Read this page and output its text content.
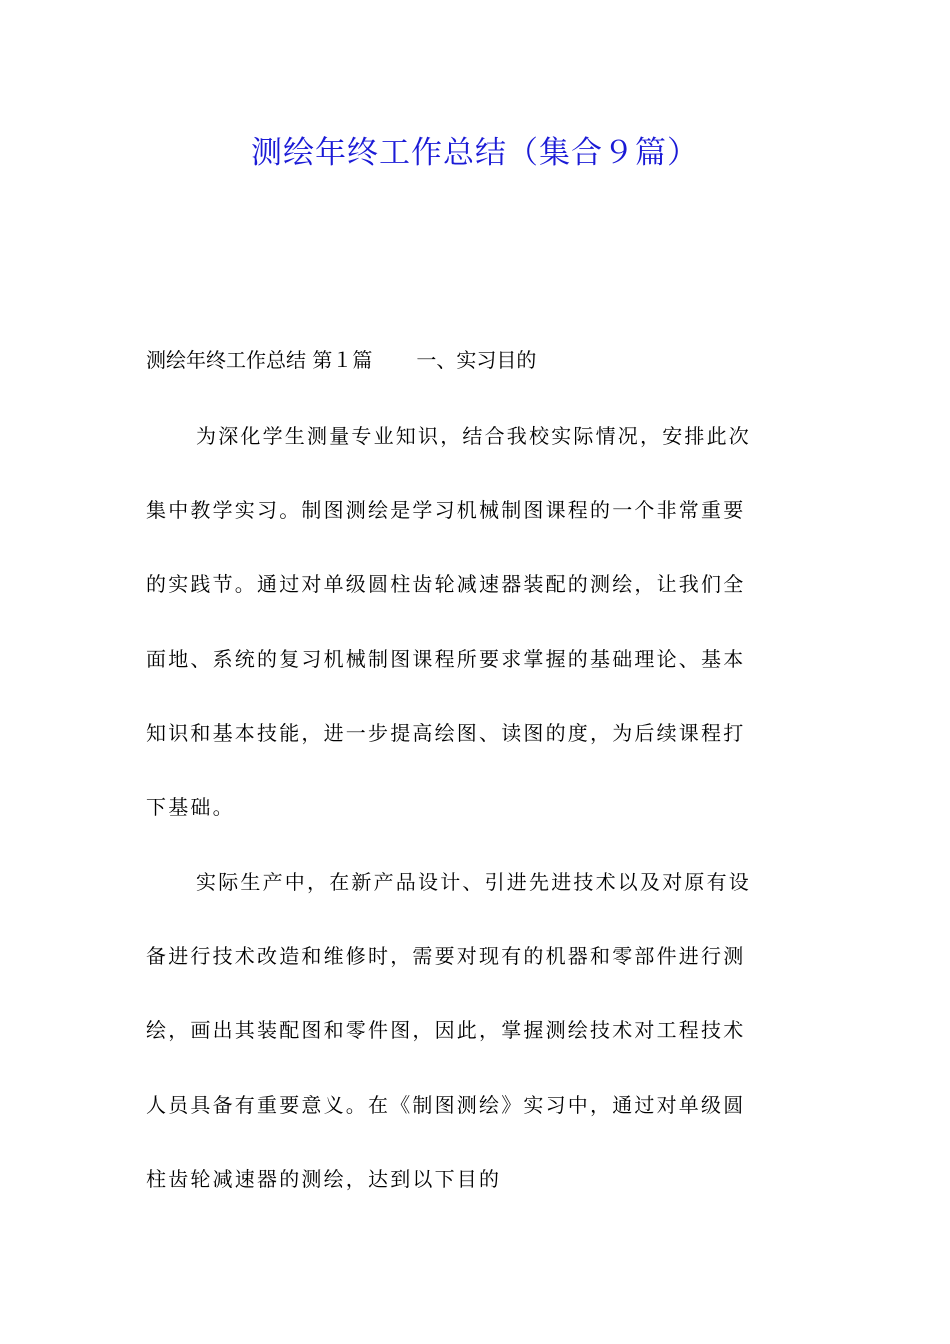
测绘年终工作总结（集合９篇）
测绘年终工作总结 第１篇 一、实习目的
为深化学生测量专业知识，结合我校实际情况，安排此次
集中教学实习。制图测绘是学习机械制图课程的一个非常重要
的实践节。通过对单级圆柱齿轮减速器装配的测绘，让我们全
面地、系统的复习机械制图课程所要求掌握的基础理论、基本
知识和基本技能，进一步提高绘图、读图的度，为后续课程打
下基础。
实际生产中，在新产品设计、引进先进技术以及对原有设
备进行技术改造和维修时，需要对现有的机器和零部件进行测
绘，画出其装配图和零件图，因此，掌握测绘技术对工程技术
人员具备有重要意义。在《制图测绘》实习中，通过对单级圆
柱齿轮减速器的测绘，达到以下目的
